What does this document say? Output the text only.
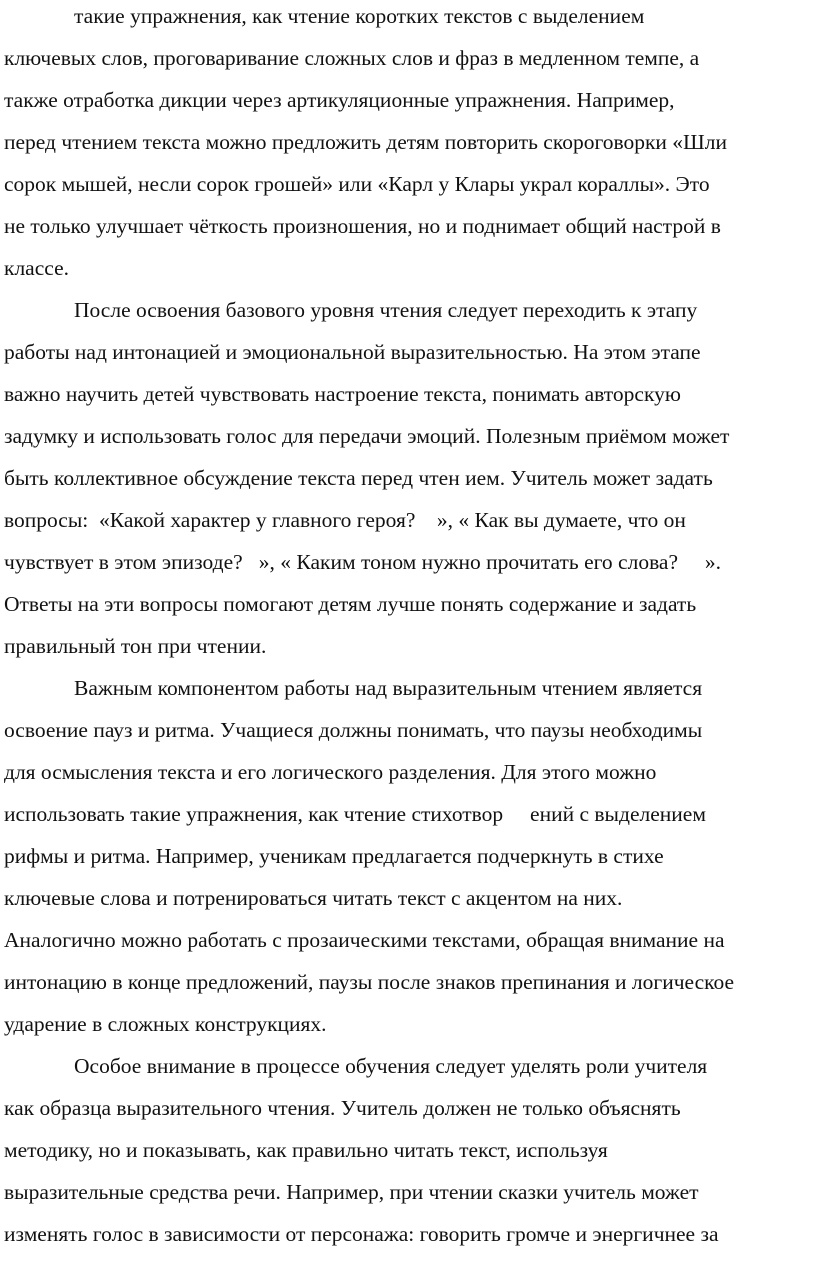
такие упражнения, как чтение коротких текстов с выделением
ключевых слов, проговаривание сложных слов и фраз в медленном темпе, а
также отработка дикции через артикуляционные упражнения. Например,
перед чтением текста можно предложить детям повторить скороговорки «Шли
сорок мышей, несли сорок грошей» или «Карл у Клары украл кораллы». Это
не только улучшает чёткость произношения, но и поднимает общий настрой в
классе.
После освоения базового уровня чтения следует переходить к этапу
работы над интонацией и эмоциональной выразительностью. На этом этапе
важно научить детей чувствовать настроение текста, понимать авторскую
задумку и использовать голос для передачи эмоций. Полезным приёмом может
быть коллективное обсуждение текста перед чтен ием. Учитель может задать
вопросы:  «Какой характер у главного героя?    », « Как вы думаете, что он
чувствует в этом эпизоде?   », « Каким тоном нужно прочитать его слова?     ».
Ответы на эти вопросы помогают детям лучше понять содержание и задать
правильный тон при чтении.
Важным компонентом работы над выразительным чтением является
освоение пауз и ритма. Учащиеся должны понимать, что паузы необходимы
для осмысления текста и его логического разделения. Для этого можно
использовать такие упражнения, как чтение стихотвор     ений с выделением
рифмы и ритма. Например, ученикам предлагается подчеркнуть в стихе
ключевые слова и потренироваться читать текст с акцентом на них.
Аналогично можно работать с прозаическими текстами, обращая внимание на
интонацию в конце предложений, паузы после знаков препинания и логическое
ударение в сложных конструкциях.
Особое внимание в процессе обучения следует уделять роли учителя
как образца выразительного чтения. Учитель должен не только объяснять
методику, но и показывать, как правильно читать текст, используя
выразительные средства речи. Например, при чтении сказки учитель может
изменять голос в зависимости от персонажа: говорить громче и энергичнее за
